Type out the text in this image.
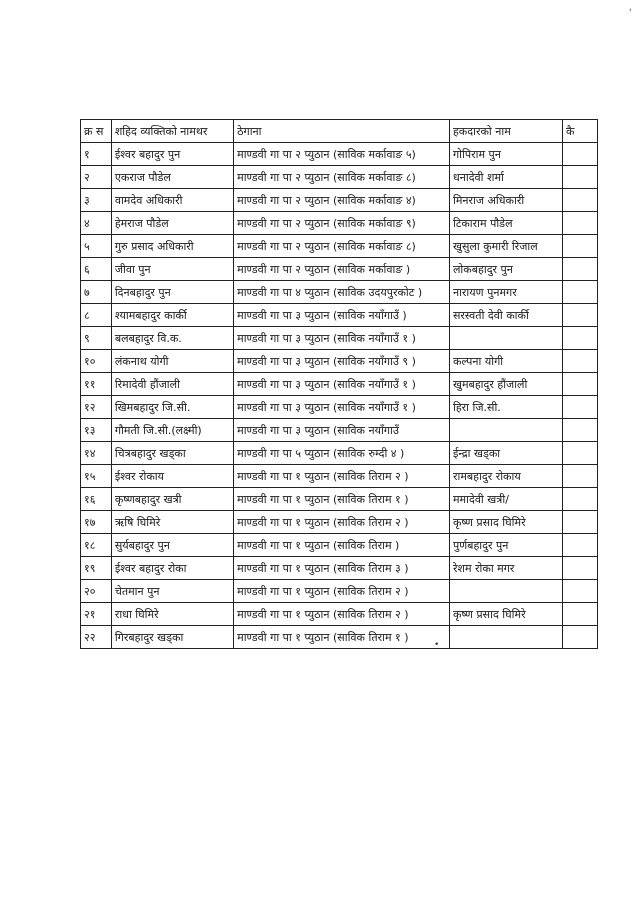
'
क्र स	शहिद व्यक्तिको नामथर	ठेगाना	हकदारको नाम	कै
१	ईश्वर बहादुर पुन	माण्डवी गा पा २ प्युठान (साविक मर्कावाङ ५)	गोपिराम पुन	
२	एकराज पौडेल	माण्डवी गा पा २ प्युठान (साविक मर्कावाङ ८)	धनादेवी शर्मा	
३	वामदेव अधिकारी	माण्डवी गा पा २ प्युठान (साविक मर्कावाङ ४)	मिनराज अधिकारी	
४	हेमराज पौडेल	माण्डवी गा पा २ प्युठान (साविक मर्कावाङ ९)	टिकाराम पौडेल	
५	गुरु प्रसाद अधिकारी	माण्डवी गा पा २ प्युठान (साविक मर्कावाङ ८)	खुसुला कुमारी रिजाल	
६	जीवा पुन	माण्डवी गा पा २ प्युठान (साविक मर्कावाङ )	लोकबहादुर पुन	
७	दिनबहादुर पुन	माण्डवी गा पा ४ प्युठान (साविक उदयपुरकोट )	नारायण पुनमगर	
८	श्यामबहादुर कार्की	माण्डवी गा पा ३ प्युठान (साविक नयाँगाउँ )	सरस्वती देवी कार्की	
९	बलबहादुर वि.क.	माण्डवी गा पा ३ प्युठान (साविक नयाँगाउँ १ )		
१०	लंकनाथ योगी	माण्डवी गा पा ३ प्युठान (साविक नयाँगाउँ ९ )	कल्पना योगी	
११	रिमादेवी हौंजाली	माण्डवी गा पा ३ प्युठान (साविक नयाँगाउँ १ )	खुमबहादुर हौंजाली	
१२	खिमबहादुर जि.सी.	माण्डवी गा पा ३ प्युठान (साविक नयाँगाउँ १ )	हिरा जि.सी.	
१३	गौमती जि.सी.(लक्ष्मी)	माण्डवी गा पा ३ प्युठान (साविक नयाँगाउँ		
१४	चित्रबहादुर खड्का	माण्डवी गा पा ५ प्युठान (साविक रुम्दी ४ )	ईन्द्रा खड्का	
१५	ईश्वर रोकाय	माण्डवी गा पा १ प्युठान (साविक तिराम २ )	रामबहादुर रोकाय	
१६	कृष्णबहादुर खत्री	माण्डवी गा पा १ प्युठान (साविक तिराम १ )	ममादेवी खत्री/	
१७	ऋषि घिमिरे	माण्डवी गा पा १ प्युठान (साविक तिराम २ )	कृष्ण प्रसाद घिमिरे	
१८	सुर्यबहादुर पुन	माण्डवी गा पा १ प्युठान (साविक तिराम )	पुर्णबहादुर पुन	
१९	ईश्वर बहादुर रोका	माण्डवी गा पा १ प्युठान (साविक तिराम ३ )	रेशम रोका मगर	
२०	चेतमान पुन	माण्डवी गा पा १ प्युठान (साविक तिराम २ )		
२१	राधा घिमिरे	माण्डवी गा पा १ प्युठान (साविक तिराम २ )	कृष्ण प्रसाद घिमिरे	
२२	गिरबहादुर खड्का	माण्डवी गा पा १ प्युठान (साविक तिराम १ )		
•
